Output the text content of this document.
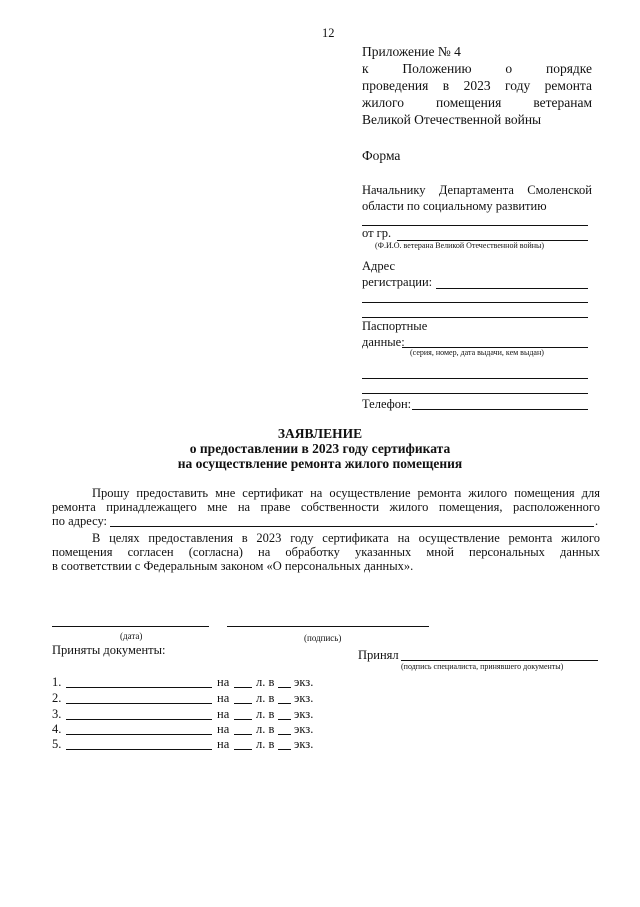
12
Приложение № 4
к Положению о порядке
проведения в 2023 году ремонта
жилого помещения ветеранам
Великой Отечественной войны
Форма
Начальнику Департамента Смоленской
области по социальному развитию
от гр.
(Ф.И.О. ветерана Великой Отечественной войны)
Адрес
регистрации:
Паспортные
данные:
(серия, номер, дата выдачи, кем выдан)
Телефон:
ЗАЯВЛЕНИЕ
о предоставлении в 2023 году сертификата
на осуществление ремонта жилого помещения
Прошу предоставить мне сертификат на осуществление ремонта жилого помещения для
ремонта принадлежащего мне на праве собственности жилого помещения, расположенного
по адресу:	.
В целях предоставления в 2023 году сертификата на осуществление ремонта жилого
помещения согласен (согласна) на обработку указанных мной персональных данных
в соответствии с Федеральным законом «О персональных данных».
(дата)	(подпись)
Приняты документы:	Принял
(подпись специалиста, принявшего документы)
1.	на л. в экз.
2.	на л. в экз.
3.	на л. в экз.
4.	на л. в экз.
5.	на л. в экз.
